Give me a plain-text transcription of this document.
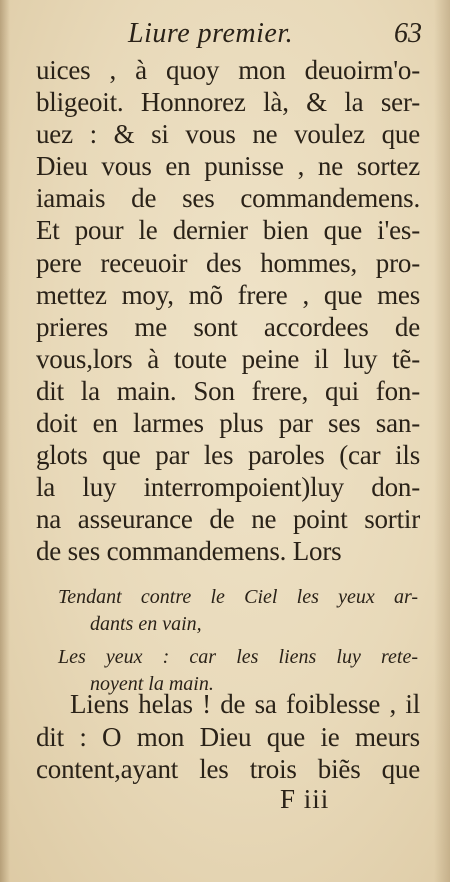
Liure premier.	63
uices , à quoy mon deuoirm'o-
bligeoit. Honnorez là, & la ser-
uez : & si vous ne voulez que
Dieu vous en punisse , ne sortez
iamais de ses commandemens.
Et pour le dernier bien que i'es-
pere receuoir des hommes, pro-
mettez moy, mõ frere , que mes
prieres me sont accordees de
vous,lors à toute peine il luy tẽ-
dit la main. Son frere, qui fon-
doit en larmes plus par ses san-
glots que par les paroles (car ils
la luy interrompoient)luy don-
na asseurance de ne point sortir
de ses commandemens. Lors
Tendant contre le Ciel les yeux ar-
dants en vain,
Les yeux : car les liens luy rete-
noyent la main.
Liens helas ! de sa foiblesse , il
dit : O mon Dieu que ie meurs
content,ayant les trois biẽs que
F iii
